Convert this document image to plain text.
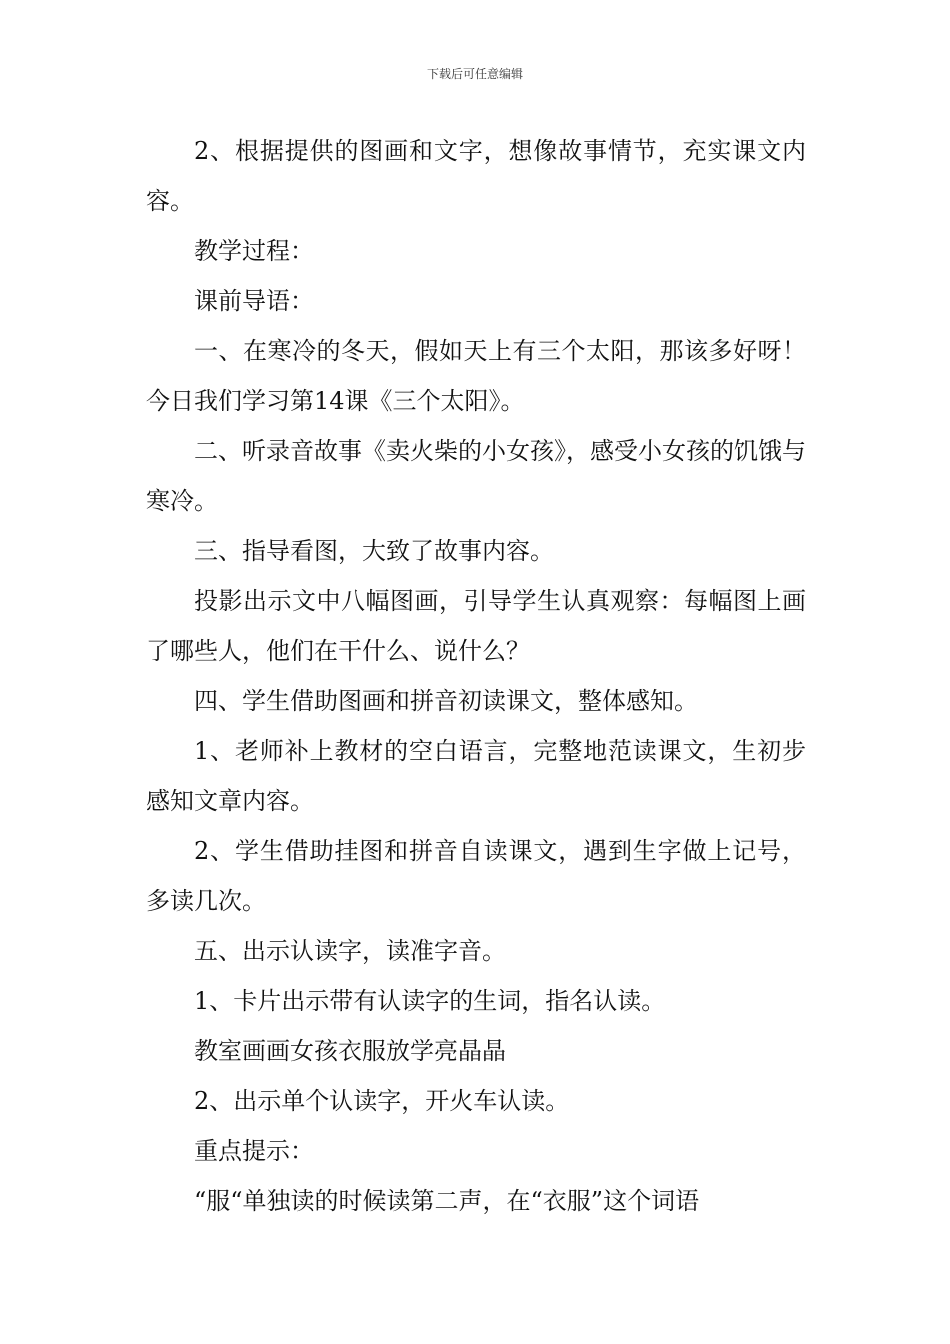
下载后可任意编辑

2、根据提供的图画和文字，想像故事情节，充实课文内容。

教学过程：

课前导语：

一、在寒冷的冬天，假如天上有三个太阳，那该多好呀！今日我们学习第14课《三个太阳》。

二、听录音故事《卖火柴的小女孩》，感受小女孩的饥饿与寒冷。

三、指导看图，大致了故事内容。

投影出示文中八幅图画，引导学生认真观察：每幅图上画了哪些人，他们在干什么、说什么？

四、学生借助图画和拼音初读课文，整体感知。

1、老师补上教材的空白语言，完整地范读课文，生初步感知文章内容。

2、学生借助挂图和拼音自读课文，遇到生字做上记号，多读几次。

五、出示认读字，读准字音。

1、卡片出示带有认读字的生词，指名认读。

教室画画女孩衣服放学亮晶晶

2、出示单个认读字，开火车认读。

重点提示：

“服“单独读的时候读第二声，在“衣服”这个词语
